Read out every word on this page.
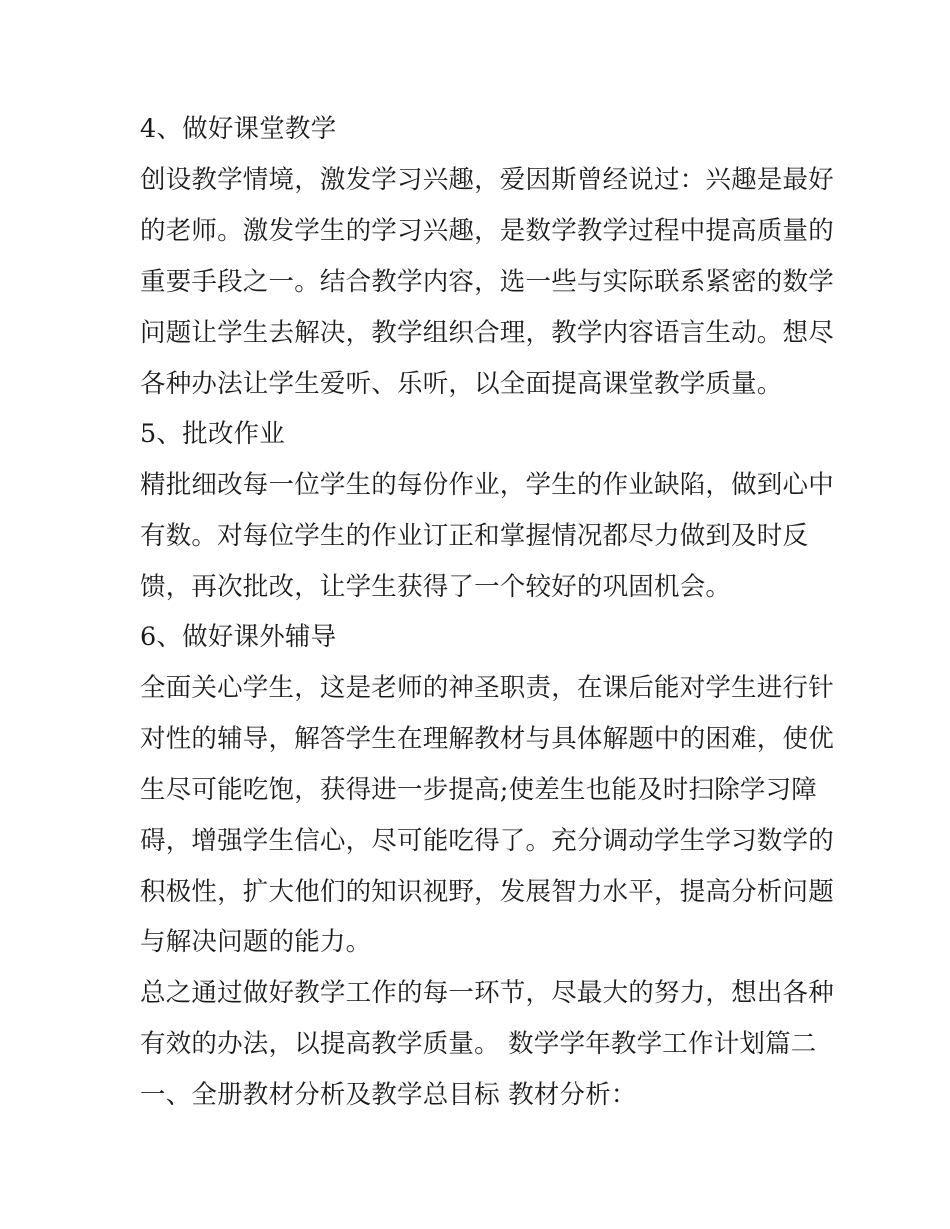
4、做好课堂教学
创设教学情境，激发学习兴趣，爱因斯曾经说过：兴趣是最好
的老师。激发学生的学习兴趣，是数学教学过程中提高质量的
重要手段之一。结合教学内容，选一些与实际联系紧密的数学
问题让学生去解决，教学组织合理，教学内容语言生动。想尽
各种办法让学生爱听、乐听，以全面提高课堂教学质量。
5、批改作业
精批细改每一位学生的每份作业，学生的作业缺陷，做到心中
有数。对每位学生的作业订正和掌握情况都尽力做到及时反
馈，再次批改，让学生获得了一个较好的巩固机会。
6、做好课外辅导
全面关心学生，这是老师的神圣职责，在课后能对学生进行针
对性的辅导，解答学生在理解教材与具体解题中的困难，使优
生尽可能吃饱，获得进一步提高;使差生也能及时扫除学习障
碍，增强学生信心，尽可能吃得了。充分调动学生学习数学的
积极性，扩大他们的知识视野，发展智力水平，提高分析问题
与解决问题的能力。
总之通过做好教学工作的每一环节，尽最大的努力，想出各种
有效的办法，以提高教学质量。 数学学年教学工作计划篇二
一、全册教材分析及教学总目标 教材分析：
